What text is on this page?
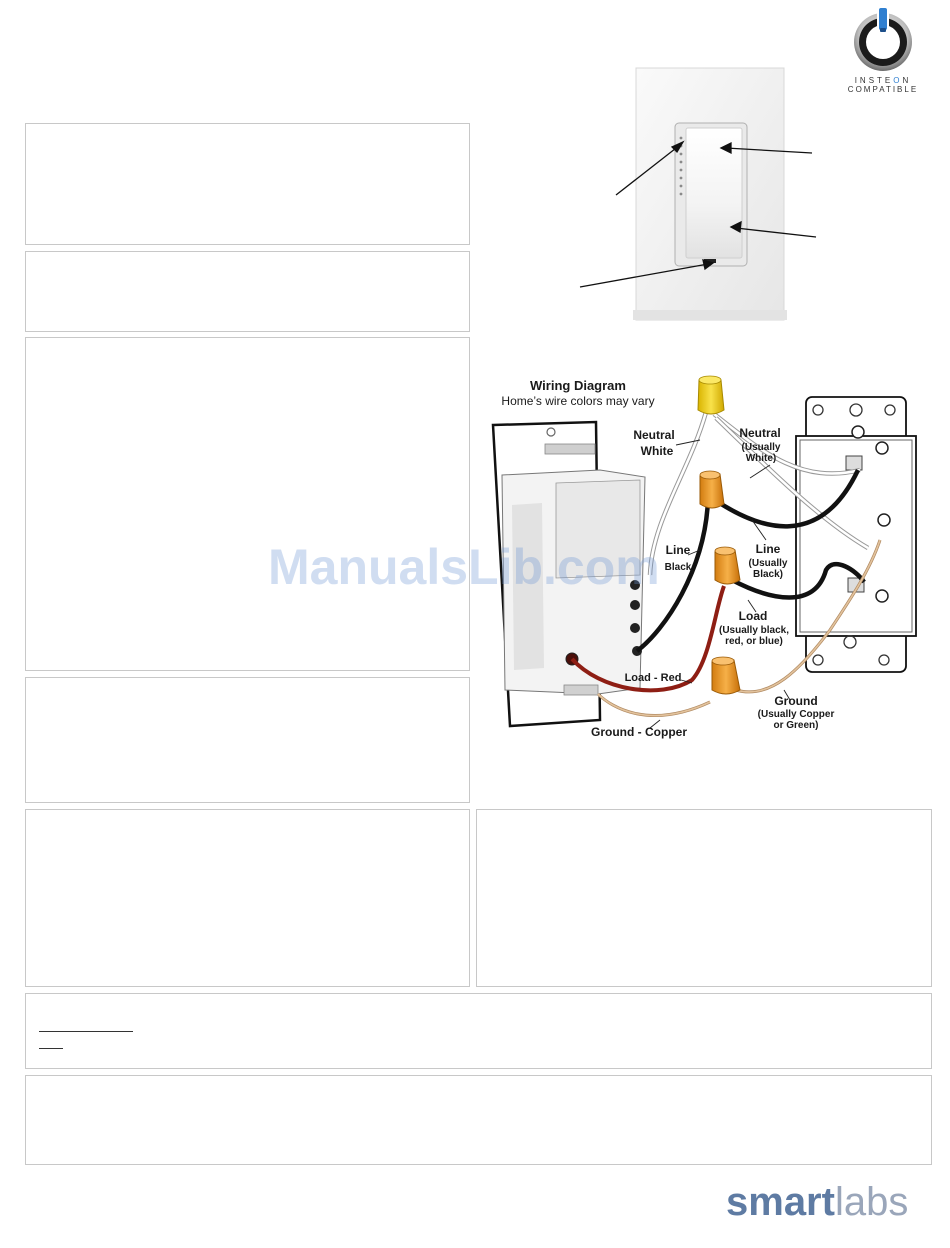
INSTEON
COMPATIBLE
Wiring Diagram
Home’s wire colors may vary
Neutral
White
Neutral
(Usually
White)
Line
Black
Line
(Usually
Black)
Load
(Usually black,
red, or blue)
Load - Red
Ground
(Usually Copper
or Green)
Ground - Copper
ManualsLib.com
smartlabs
